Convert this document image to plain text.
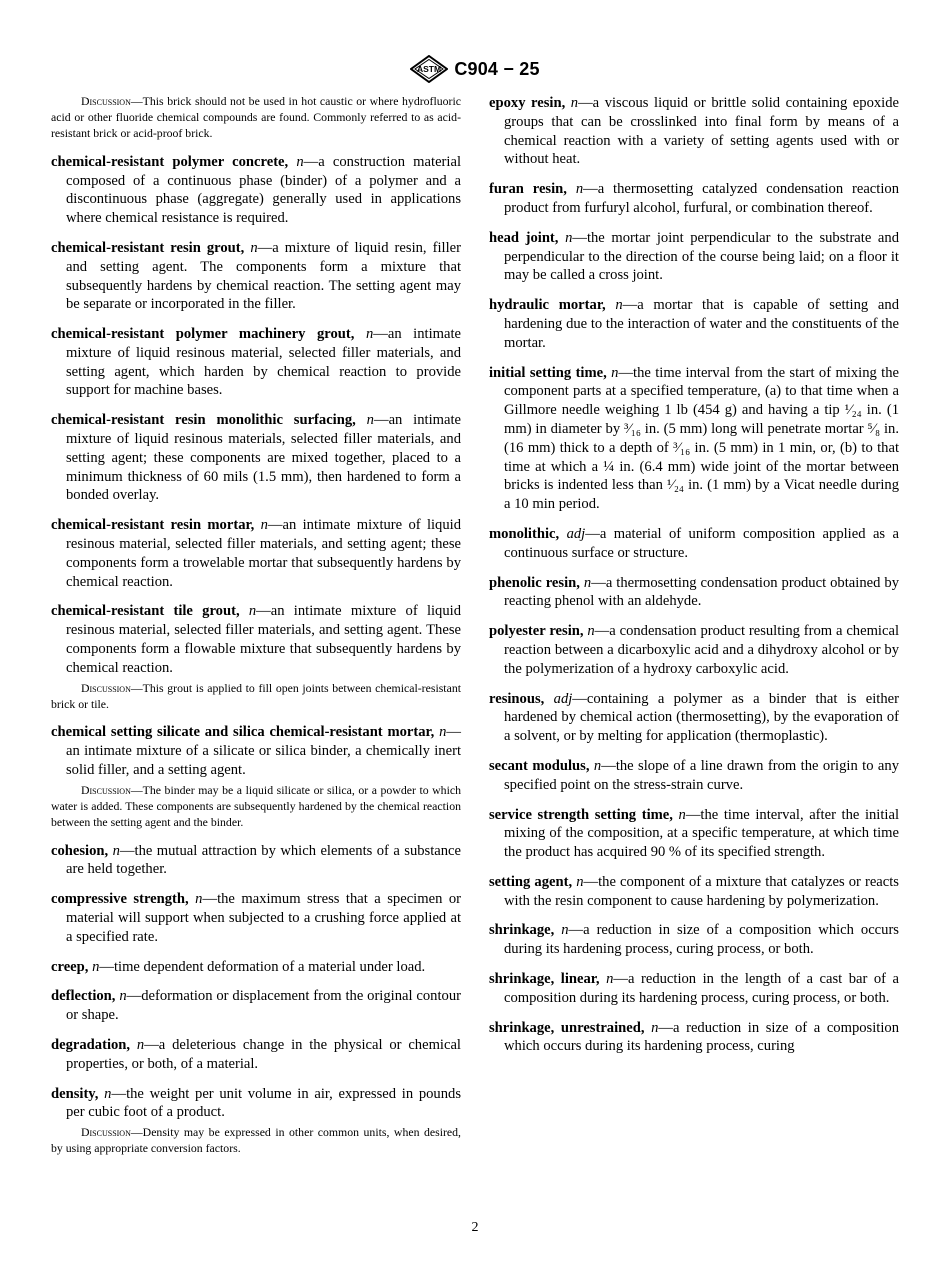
ASTM C904 − 25

Discussion—This brick should not be used in hot caustic or where hydrofluoric acid or other fluoride chemical compounds are found. Commonly referred to as acid-resistant brick or acid-proof brick.

chemical-resistant polymer concrete, n—a construction material composed of a continuous phase (binder) of a polymer and a discontinuous phase (aggregate) generally used in applications where chemical resistance is required.

chemical-resistant resin grout, n—a mixture of liquid resin, filler and setting agent. The components form a mixture that subsequently hardens by chemical reaction. The setting agent may be separate or incorporated in the filler.

chemical-resistant polymer machinery grout, n—an intimate mixture of liquid resinous material, selected filler materials, and setting agent, which harden by chemical reaction to provide support for machine bases.

chemical-resistant resin monolithic surfacing, n—an intimate mixture of liquid resinous materials, selected filler materials, and setting agent; these components are mixed together, placed to a minimum thickness of 60 mils (1.5 mm), then hardened to form a bonded overlay.

chemical-resistant resin mortar, n—an intimate mixture of liquid resinous material, selected filler materials, and setting agent; these components form a trowelable mortar that subsequently hardens by chemical reaction.

chemical-resistant tile grout, n—an intimate mixture of liquid resinous material, selected filler materials, and setting agent. These components form a flowable mixture that subsequently hardens by chemical reaction.

Discussion—This grout is applied to fill open joints between chemical-resistant brick or tile.

chemical setting silicate and silica chemical-resistant mortar, n—an intimate mixture of a silicate or silica binder, a chemically inert solid filler, and a setting agent.

Discussion—The binder may be a liquid silicate or silica, or a powder to which water is added. These components are subsequently hardened by the chemical reaction between the setting agent and the binder.

cohesion, n—the mutual attraction by which elements of a substance are held together.

compressive strength, n—the maximum stress that a specimen or material will support when subjected to a crushing force applied at a specified rate.

creep, n—time dependent deformation of a material under load.

deflection, n—deformation or displacement from the original contour or shape.

degradation, n—a deleterious change in the physical or chemical properties, or both, of a material.

density, n—the weight per unit volume in air, expressed in pounds per cubic foot of a product.

Discussion—Density may be expressed in other common units, when desired, by using appropriate conversion factors.

epoxy resin, n—a viscous liquid or brittle solid containing epoxide groups that can be crosslinked into final form by means of a chemical reaction with a variety of setting agents used with or without heat.

furan resin, n—a thermosetting catalyzed condensation reaction product from furfuryl alcohol, furfural, or combination thereof.

head joint, n—the mortar joint perpendicular to the substrate and perpendicular to the direction of the course being laid; on a floor it may be called a cross joint.

hydraulic mortar, n—a mortar that is capable of setting and hardening due to the interaction of water and the constituents of the mortar.

initial setting time, n—the time interval from the start of mixing the component parts at a specified temperature, (a) to that time when a Gillmore needle weighing 1 lb (454 g) and having a tip ¹⁄₂₄ in. (1 mm) in diameter by ³⁄₁₆ in. (5 mm) long will penetrate mortar ⁵⁄₈ in. (16 mm) thick to a depth of ³⁄₁₆ in. (5 mm) in 1 min, or, (b) to that time at which a ¼ in. (6.4 mm) wide joint of the mortar between bricks is indented less than ¹⁄₂₄ in. (1 mm) by a Vicat needle during a 10 min period.

monolithic, adj—a material of uniform composition applied as a continuous surface or structure.

phenolic resin, n—a thermosetting condensation product obtained by reacting phenol with an aldehyde.

polyester resin, n—a condensation product resulting from a chemical reaction between a dicarboxylic acid and a dihydroxy alcohol or by the polymerization of a hydroxy carboxylic acid.

resinous, adj—containing a polymer as a binder that is either hardened by chemical action (thermosetting), by the evaporation of a solvent, or by melting for application (thermoplastic).

secant modulus, n—the slope of a line drawn from the origin to any specified point on the stress-strain curve.

service strength setting time, n—the time interval, after the initial mixing of the composition, at a specific temperature, at which time the product has acquired 90 % of its specified strength.

setting agent, n—the component of a mixture that catalyzes or reacts with the resin component to cause hardening by polymerization.

shrinkage, n—a reduction in size of a composition which occurs during its hardening process, curing process, or both.

shrinkage, linear, n—a reduction in the length of a cast bar of a composition during its hardening process, curing process, or both.

shrinkage, unrestrained, n—a reduction in size of a composition which occurs during its hardening process, curing

2
